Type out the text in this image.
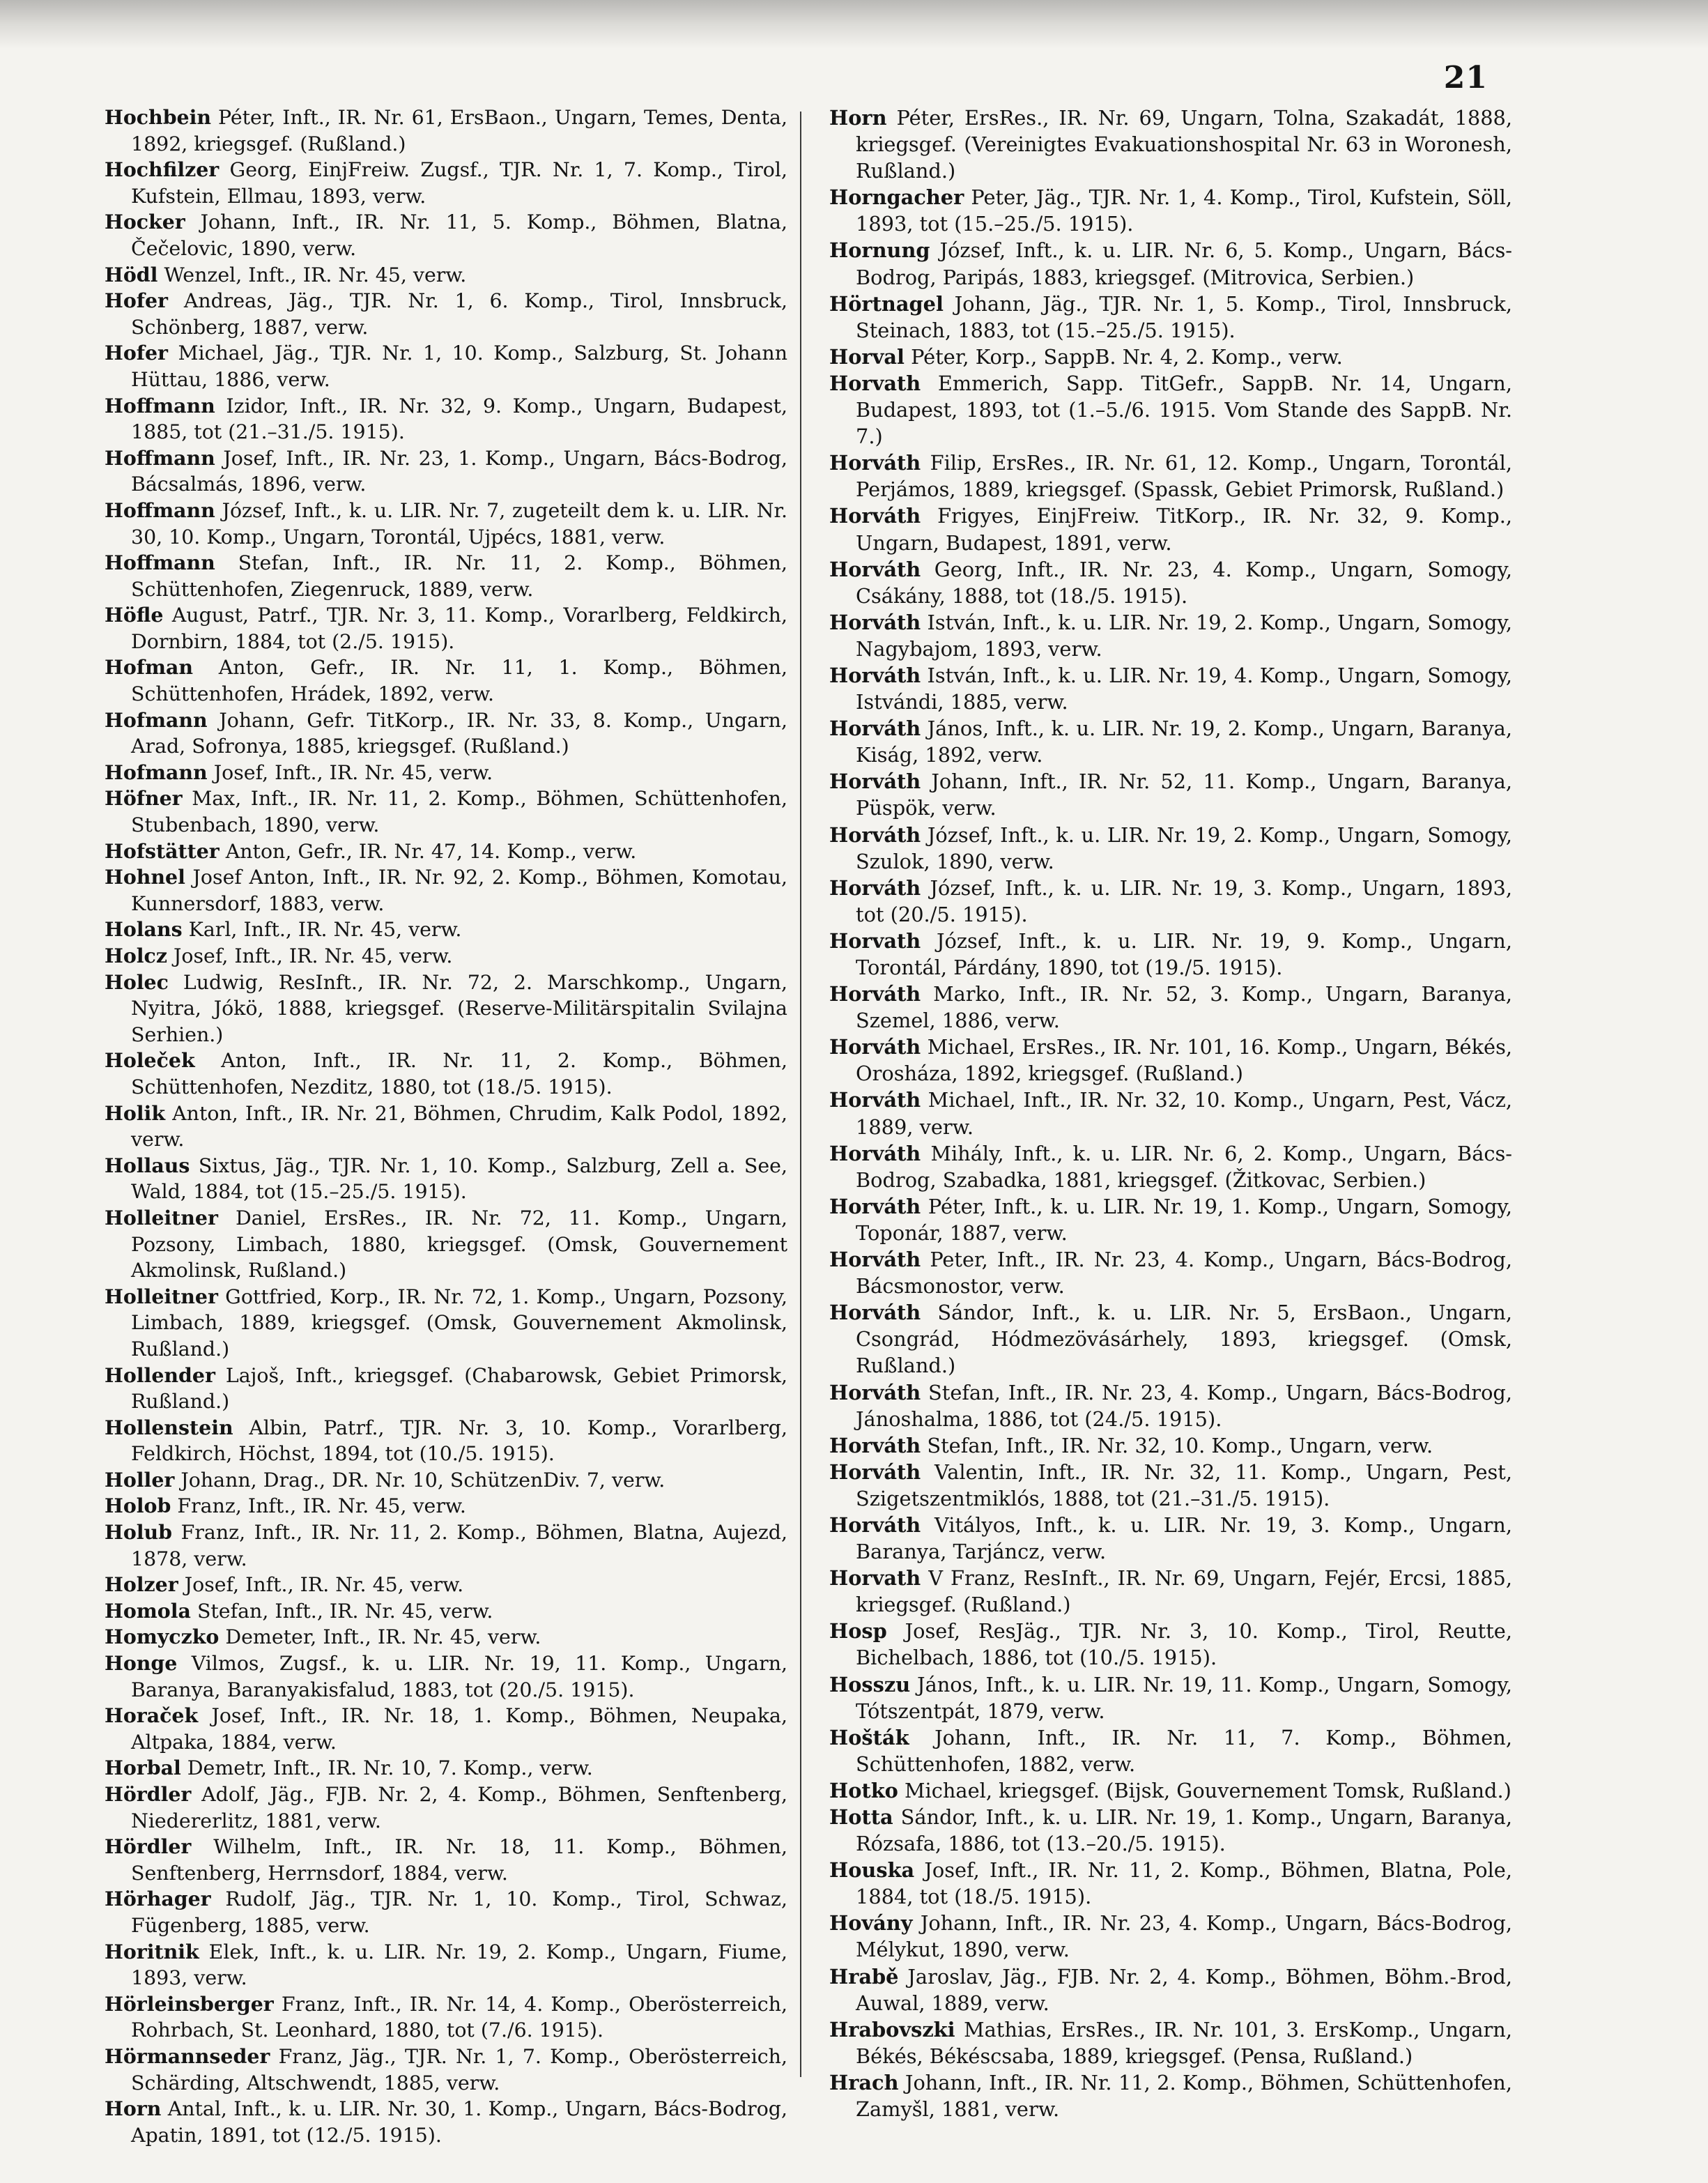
21

Hochbein Péter, Inft., IR. Nr. 61, ErsBaon., Ungarn, Temes, Denta, 1892, kriegsgef. (Rußland.)

Hochfilzer Georg, EinjFreiw. Zugsf., TJR. Nr. 1, 7. Komp., Tirol, Kufstein, Ellmau, 1893, verw.

Hocker Johann, Inft., IR. Nr. 11, 5. Komp., Böhmen, Blatna, Čečelovic, 1890, verw.

Hödl Wenzel, Inft., IR. Nr. 45, verw.

Hofer Andreas, Jäg., TJR. Nr. 1, 6. Komp., Tirol, Innsbruck, Schönberg, 1887, verw.

Hofer Michael, Jäg., TJR. Nr. 1, 10. Komp., Salzburg, St. Johann Hüttau, 1886, verw.

Hoffmann Izidor, Inft., IR. Nr. 32, 9. Komp., Ungarn, Budapest, 1885, tot (21.–31./5. 1915).

Hoffmann Josef, Inft., IR. Nr. 23, 1. Komp., Ungarn, Bács-Bodrog, Bácsalmás, 1896, verw.

Hoffmann József, Inft., k. u. LIR. Nr. 7, zugeteilt dem k. u. LIR. Nr. 30, 10. Komp., Ungarn, Torontál, Ujpécs, 1881, verw.

Hoffmann Stefan, Inft., IR. Nr. 11, 2. Komp., Böhmen, Schüttenhofen, Ziegenruck, 1889, verw.

Höfle August, Patrf., TJR. Nr. 3, 11. Komp., Vorarlberg, Feldkirch, Dornbirn, 1884, tot (2./5. 1915).

Hofman Anton, Gefr., IR. Nr. 11, 1. Komp., Böhmen, Schüttenhofen, Hrádek, 1892, verw.

Hofmann Johann, Gefr. TitKorp., IR. Nr. 33, 8. Komp., Ungarn, Arad, Sofronya, 1885, kriegsgef. (Rußland.)

Hofmann Josef, Inft., IR. Nr. 45, verw.

Höfner Max, Inft., IR. Nr. 11, 2. Komp., Böhmen, Schüttenhofen, Stubenbach, 1890, verw.

Hofstätter Anton, Gefr., IR. Nr. 47, 14. Komp., verw.

Hohnel Josef Anton, Inft., IR. Nr. 92, 2. Komp., Böhmen, Komotau, Kunnersdorf, 1883, verw.

Holans Karl, Inft., IR. Nr. 45, verw.

Holcz Josef, Inft., IR. Nr. 45, verw.

Holec Ludwig, ResInft., IR. Nr. 72, 2. Marschkomp., Ungarn, Nyitra, Jókö, 1888, kriegsgef. (Reserve-Militärspitalin Svilajna Serhien.)

Holeček Anton, Inft., IR. Nr. 11, 2. Komp., Böhmen, Schüttenhofen, Nezditz, 1880, tot (18./5. 1915).

Holik Anton, Inft., IR. Nr. 21, Böhmen, Chrudim, Kalk Podol, 1892, verw.

Hollaus Sixtus, Jäg., TJR. Nr. 1, 10. Komp., Salzburg, Zell a. See, Wald, 1884, tot (15.–25./5. 1915).

Holleitner Daniel, ErsRes., IR. Nr. 72, 11. Komp., Ungarn, Pozsony, Limbach, 1880, kriegsgef. (Omsk, Gouvernement Akmolinsk, Rußland.)

Holleitner Gottfried, Korp., IR. Nr. 72, 1. Komp., Ungarn, Pozsony, Limbach, 1889, kriegsgef. (Omsk, Gouvernement Akmolinsk, Rußland.)

Hollender Lajoš, Inft., kriegsgef. (Chabarowsk, Gebiet Primorsk, Rußland.)

Hollenstein Albin, Patrf., TJR. Nr. 3, 10. Komp., Vorarlberg, Feldkirch, Höchst, 1894, tot (10./5. 1915).

Holler Johann, Drag., DR. Nr. 10, SchützenDiv. 7, verw.

Holob Franz, Inft., IR. Nr. 45, verw.

Holub Franz, Inft., IR. Nr. 11, 2. Komp., Böhmen, Blatna, Aujezd, 1878, verw.

Holzer Josef, Inft., IR. Nr. 45, verw.

Homola Stefan, Inft., IR. Nr. 45, verw.

Homyczko Demeter, Inft., IR. Nr. 45, verw.

Honge Vilmos, Zugsf., k. u. LIR. Nr. 19, 11. Komp., Ungarn, Baranya, Baranyakisfalud, 1883, tot (20./5. 1915).

Horaček Josef, Inft., IR. Nr. 18, 1. Komp., Böhmen, Neupaka, Altpaka, 1884, verw.

Horbal Demetr, Inft., IR. Nr. 10, 7. Komp., verw.

Hördler Adolf, Jäg., FJB. Nr. 2, 4. Komp., Böhmen, Senftenberg, Niedererlitz, 1881, verw.

Hördler Wilhelm, Inft., IR. Nr. 18, 11. Komp., Böhmen, Senftenberg, Herrnsdorf, 1884, verw.

Hörhager Rudolf, Jäg., TJR. Nr. 1, 10. Komp., Tirol, Schwaz, Fügenberg, 1885, verw.

Horitnik Elek, Inft., k. u. LIR. Nr. 19, 2. Komp., Ungarn, Fiume, 1893, verw.

Hörleinsberger Franz, Inft., IR. Nr. 14, 4. Komp., Oberösterreich, Rohrbach, St. Leonhard, 1880, tot (7./6. 1915).

Hörmannseder Franz, Jäg., TJR. Nr. 1, 7. Komp., Oberösterreich, Schärding, Altschwendt, 1885, verw.

Horn Antal, Inft., k. u. LIR. Nr. 30, 1. Komp., Ungarn, Bács-Bodrog, Apatin, 1891, tot (12./5. 1915).

Horn Péter, ErsRes., IR. Nr. 69, Ungarn, Tolna, Szakadát, 1888, kriegsgef. (Vereinigtes Evakuationshospital Nr. 63 in Woronesh, Rußland.)

Horngacher Peter, Jäg., TJR. Nr. 1, 4. Komp., Tirol, Kufstein, Söll, 1893, tot (15.–25./5. 1915).

Hornung József, Inft., k. u. LIR. Nr. 6, 5. Komp., Ungarn, Bács-Bodrog, Paripás, 1883, kriegsgef. (Mitrovica, Serbien.)

Hörtnagel Johann, Jäg., TJR. Nr. 1, 5. Komp., Tirol, Innsbruck, Steinach, 1883, tot (15.–25./5. 1915).

Horval Péter, Korp., SappB. Nr. 4, 2. Komp., verw.

Horvath Emmerich, Sapp. TitGefr., SappB. Nr. 14, Ungarn, Budapest, 1893, tot (1.–5./6. 1915. Vom Stande des SappB. Nr. 7.)

Horváth Filip, ErsRes., IR. Nr. 61, 12. Komp., Ungarn, Torontál, Perjámos, 1889, kriegsgef. (Spassk, Gebiet Primorsk, Rußland.)

Horváth Frigyes, EinjFreiw. TitKorp., IR. Nr. 32, 9. Komp., Ungarn, Budapest, 1891, verw.

Horváth Georg, Inft., IR. Nr. 23, 4. Komp., Ungarn, Somogy, Csákány, 1888, tot (18./5. 1915).

Horváth István, Inft., k. u. LIR. Nr. 19, 2. Komp., Ungarn, Somogy, Nagybajom, 1893, verw.

Horváth István, Inft., k. u. LIR. Nr. 19, 4. Komp., Ungarn, Somogy, Istvándi, 1885, verw.

Horváth János, Inft., k. u. LIR. Nr. 19, 2. Komp., Ungarn, Baranya, Kiság, 1892, verw.

Horváth Johann, Inft., IR. Nr. 52, 11. Komp., Ungarn, Baranya, Püspök, verw.

Horváth József, Inft., k. u. LIR. Nr. 19, 2. Komp., Ungarn, Somogy, Szulok, 1890, verw.

Horváth József, Inft., k. u. LIR. Nr. 19, 3. Komp., Ungarn, 1893, tot (20./5. 1915).

Horvath József, Inft., k. u. LIR. Nr. 19, 9. Komp., Ungarn, Torontál, Párdány, 1890, tot (19./5. 1915).

Horváth Marko, Inft., IR. Nr. 52, 3. Komp., Ungarn, Baranya, Szemel, 1886, verw.

Horváth Michael, ErsRes., IR. Nr. 101, 16. Komp., Ungarn, Békés, Orosháza, 1892, kriegsgef. (Rußland.)

Horváth Michael, Inft., IR. Nr. 32, 10. Komp., Ungarn, Pest, Vácz, 1889, verw.

Horváth Mihály, Inft., k. u. LIR. Nr. 6, 2. Komp., Ungarn, Bács-Bodrog, Szabadka, 1881, kriegsgef. (Žitkovac, Serbien.)

Horváth Péter, Inft., k. u. LIR. Nr. 19, 1. Komp., Ungarn, Somogy, Toponár, 1887, verw.

Horváth Peter, Inft., IR. Nr. 23, 4. Komp., Ungarn, Bács-Bodrog, Bácsmonostor, verw.

Horváth Sándor, Inft., k. u. LIR. Nr. 5, ErsBaon., Ungarn, Csongrád, Hódmezövásárhely, 1893, kriegsgef. (Omsk, Rußland.)

Horváth Stefan, Inft., IR. Nr. 23, 4. Komp., Ungarn, Bács-Bodrog, Jánoshalma, 1886, tot (24./5. 1915).

Horváth Stefan, Inft., IR. Nr. 32, 10. Komp., Ungarn, verw.

Horváth Valentin, Inft., IR. Nr. 32, 11. Komp., Ungarn, Pest, Szigetszentmiklós, 1888, tot (21.–31./5. 1915).

Horváth Vitályos, Inft., k. u. LIR. Nr. 19, 3. Komp., Ungarn, Baranya, Tarjáncz, verw.

Horvath V Franz, ResInft., IR. Nr. 69, Ungarn, Fejér, Ercsi, 1885, kriegsgef. (Rußland.)

Hosp Josef, ResJäg., TJR. Nr. 3, 10. Komp., Tirol, Reutte, Bichelbach, 1886, tot (10./5. 1915).

Hosszu János, Inft., k. u. LIR. Nr. 19, 11. Komp., Ungarn, Somogy, Tótszentpát, 1879, verw.

Hošták Johann, Inft., IR. Nr. 11, 7. Komp., Böhmen, Schüttenhofen, 1882, verw.

Hotko Michael, kriegsgef. (Bijsk, Gouvernement Tomsk, Rußland.)

Hotta Sándor, Inft., k. u. LIR. Nr. 19, 1. Komp., Ungarn, Baranya, Rózsafa, 1886, tot (13.–20./5. 1915).

Houska Josef, Inft., IR. Nr. 11, 2. Komp., Böhmen, Blatna, Pole, 1884, tot (18./5. 1915).

Hovány Johann, Inft., IR. Nr. 23, 4. Komp., Ungarn, Bács-Bodrog, Mélykut, 1890, verw.

Hrabě Jaroslav, Jäg., FJB. Nr. 2, 4. Komp., Böhmen, Böhm.-Brod, Auwal, 1889, verw.

Hrabovszki Mathias, ErsRes., IR. Nr. 101, 3. ErsKomp., Ungarn, Békés, Békéscsaba, 1889, kriegsgef. (Pensa, Rußland.)

Hrach Johann, Inft., IR. Nr. 11, 2. Komp., Böhmen, Schüttenhofen, Zamyšl, 1881, verw.
